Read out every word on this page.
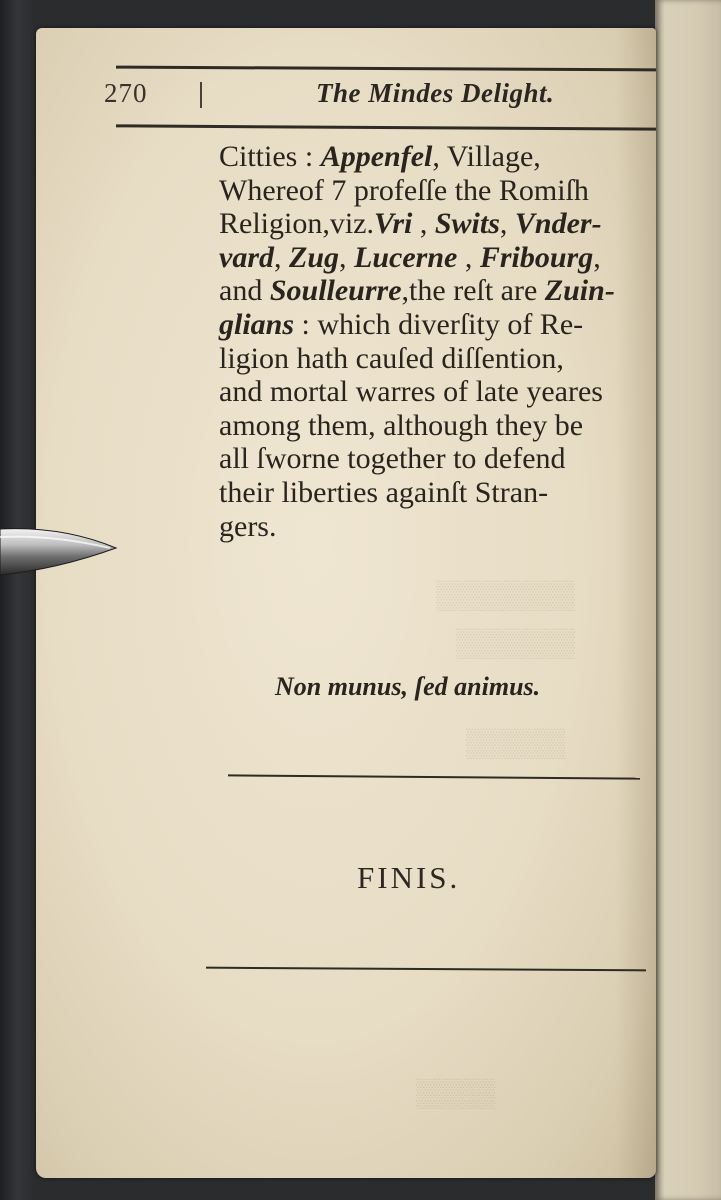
▒▒▒▒▒▒▒
▒▒▒▒▒▒
▒▒▒▒▒
▒▒▒▒
270	The Mindes Delight.
Citties : Appenfel, Village,
Whereof 7 profeſſe the Romiſh
Religion,viz.Vri , Swits, Vnder-
vard, Zug, Lucerne , Fribourg,
and Soulleurre,the reſt are Zuin-
glians : which diverſity of Re-
ligion hath cauſed diſſention,
and mortal warres of late yeares
among them, although they be
all ſworne together to defend
their liberties againſt Stran-
gers.
Non munus, ſed animus.
FINIS.
